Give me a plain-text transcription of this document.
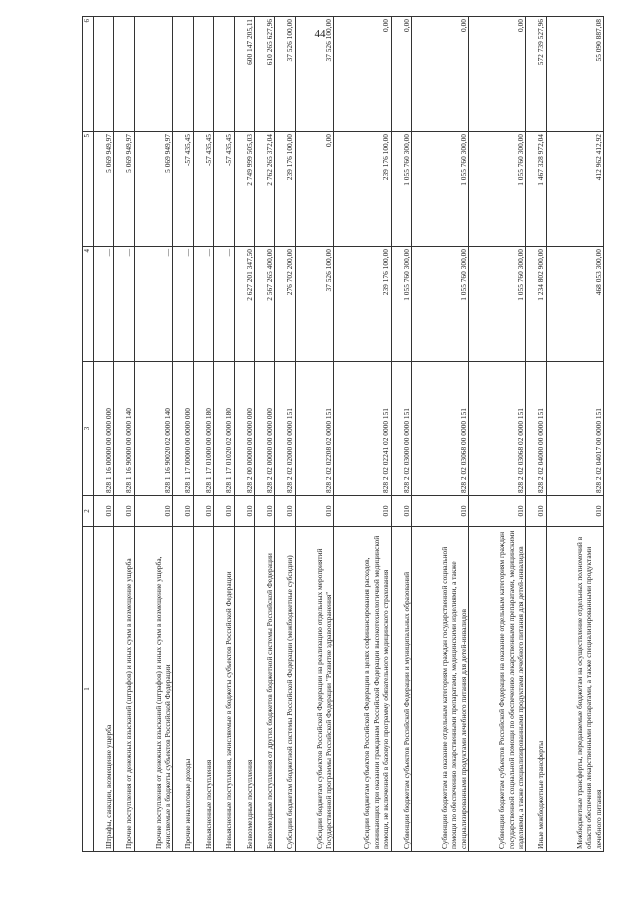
44
1	2	3	4	5	6
Штрафы, санкции, возмещение ущерба	010	828 1 16 00000 00 0000 000	—	5 069 949,97	
Прочие поступления от денежных взысканий (штрафов) и иных сумм в возмещение ущерба	010	828 1 16 90000 00 0000 140	—	5 069 949,97	
Прочие поступления от денежных взысканий (штрафов) и иных сумм в возмещение ущерба, зачисляемые в бюджеты субъектов Российской Федерации	010	828 1 16 90020 02 0000 140	—	5 069 949,97	
Прочие неналоговые доходы	010	828 1 17 00000 00 0000 000	—	-57 435,45	
Невыясненные поступления	010	828 1 17 01000 00 0000 180	—	-57 435,45	
Невыясненные поступления, зачисляемые в бюджеты субъектов Российской Федерации	010	828 1 17 01020 02 0000 180	—	-57 435,45	
Безвозмездные поступления	010	828 2 00 00000 00 0000 000	2 627 201 347,50	2 749 999 505,03	600 147 205,11
Безвозмездные поступления от других бюджетов бюджетной системы Российской Федерации	010	828 2 02 00000 00 0000 000	2 567 265 400,00	2 762 265 372,04	610 265 627,96
Субсидии бюджетам бюджетной системы Российской Федерации (межбюджетные субсидии)	010	828 2 02 02000 00 0000 151	276 702 200,00	239 176 100,00	37 526 100,00
Субсидии бюджетам субъектов Российской Федерации на реализацию отдельных мероприятий Государственной программы Российской Федерации "Развитие здравоохранения"	010	828 2 02 02208 02 0000 151	37 526 100,00	0,00	37 526 100,00
Субсидии бюджетам субъектов Российской Федерации в целях софинансирования расходов, возникающих при оказании гражданам Российской Федерации высокотехнологичной медицинской помощи, не включенной в базовую программу обязательного медицинского страхования	010	828 2 02 02241 02 0000 151	239 176 100,00	239 176 100,00	0,00
Субвенции бюджетам субъектов Российской Федерации и муниципальных образований	010	828 2 02 03000 00 0000 151	1 055 760 300,00	1 055 760 300,00	0,00
Субвенции бюджетам на оказание отдельным категориям граждан государственной социальной помощи по обеспечению лекарственными препаратами, медицинскими изделиями, а также специализированными продуктами лечебного питания для детей-инвалидов	010	828 2 02 03068 00 0000 151	1 055 760 300,00	1 055 760 300,00	0,00
Субвенции бюджетам субъектов Российской Федерации на оказание отдельным категориям граждан государственной социальной помощи по обеспечению лекарственными препаратами, медицинскими изделиями, а также специализированными продуктами лечебного питания для детей-инвалидов	010	828 2 02 03068 02 0000 151	1 055 760 300,00	1 055 760 300,00	0,00
Иные межбюджетные трансферты	010	828 2 02 04000 00 0000 151	1 234 802 900,00	1 467 328 972,04	572 739 527,96
Межбюджетные трансферты, передаваемые бюджетам на осуществление отдельных полномочий в области обеспечения лекарственными препаратами, а также специализированными продуктами лечебного питания	010	828 2 02 04017 00 0000 151	468 053 300,00	412 962 412,92	55 090 887,08
